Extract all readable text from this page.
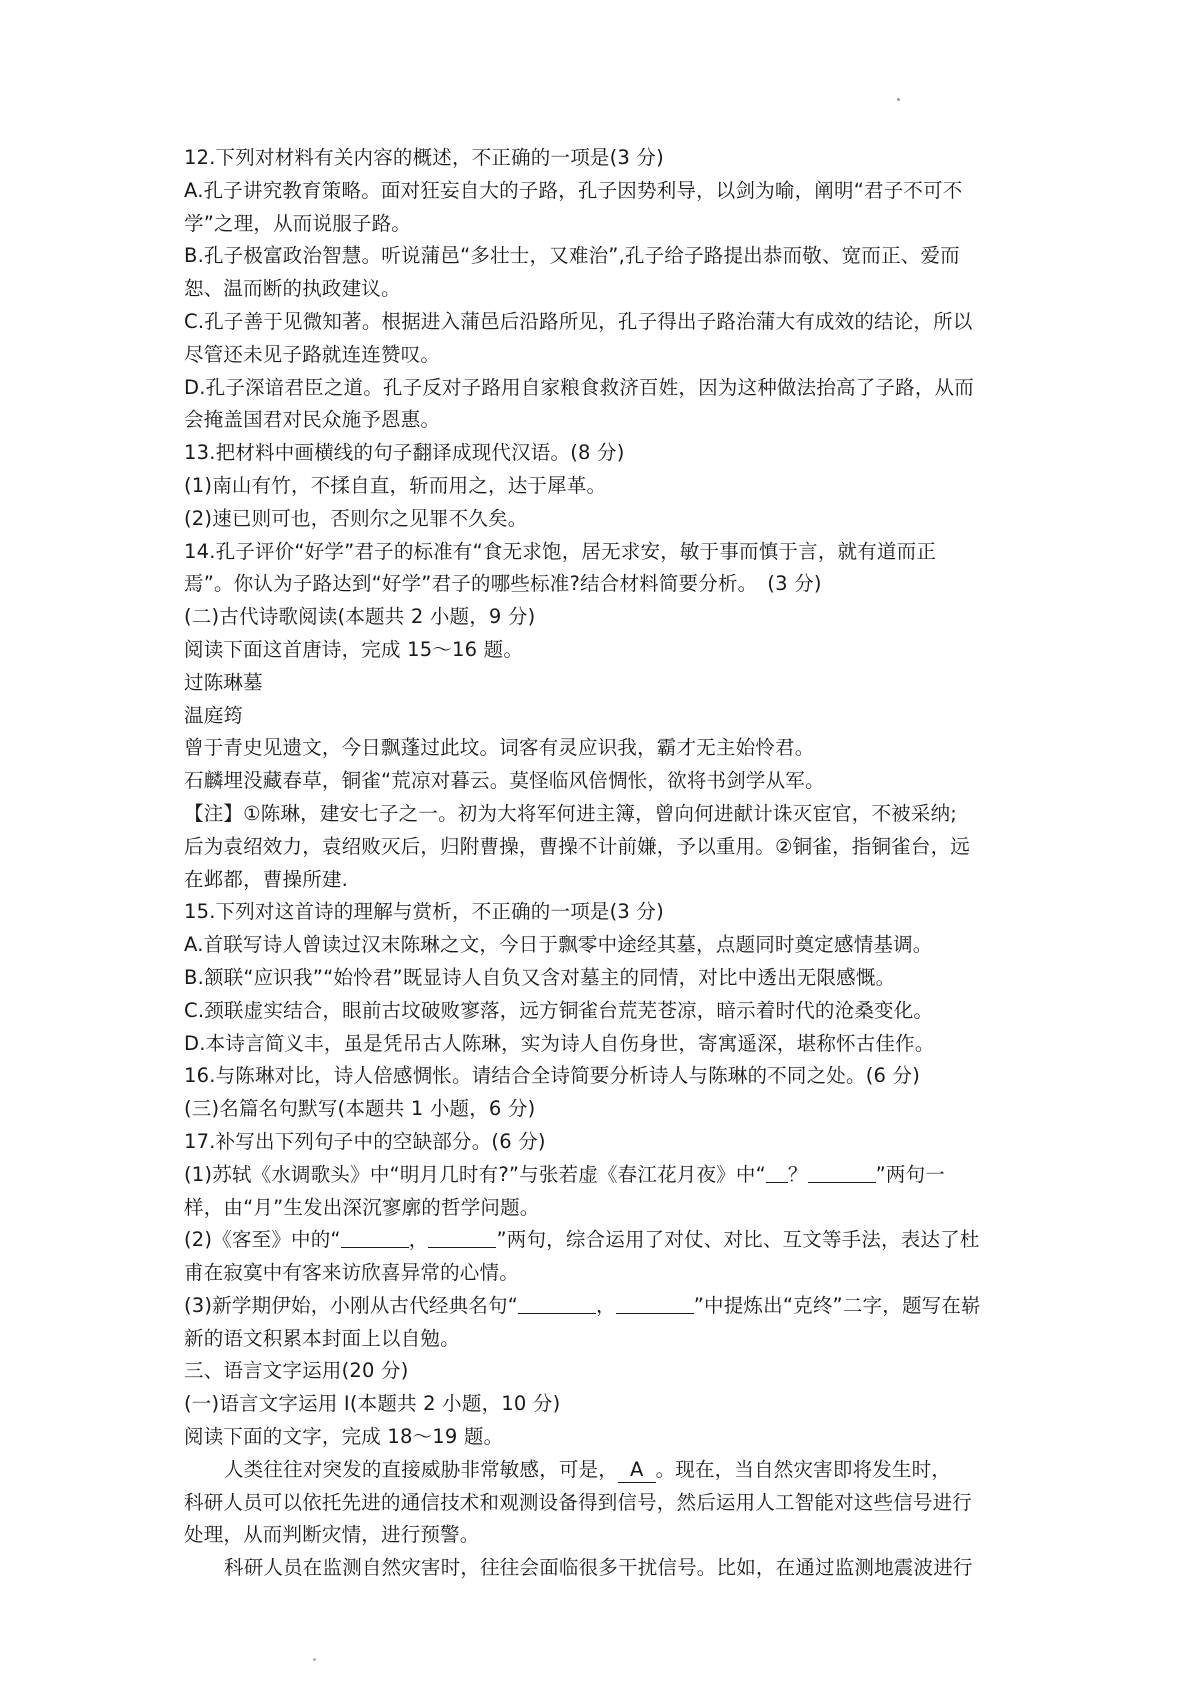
12.下列对材料有关内容的概述，不正确的一项是(3 分)
A.孔子讲究教育策略。面对狂妄自大的子路，孔子因势利导，以剑为喻，阐明“君子不可不
学”之理，从而说服子路。
B.孔子极富政治智慧。听说蒲邑“多壮士，又难治”,孔子给子路提出恭而敬、宽而正、爱而
恕、温而断的执政建议。
C.孔子善于见微知著。根据进入蒲邑后沿路所见，孔子得出子路治蒲大有成效的结论，所以
尽管还未见子路就连连赞叹。
D.孔子深谙君臣之道。孔子反对子路用自家粮食救济百姓，因为这种做法抬高了子路，从而
会掩盖国君对民众施予恩惠。
13.把材料中画横线的句子翻译成现代汉语。(8 分)
(1)南山有竹，不揉自直，斩而用之，达于犀革。
(2)速已则可也，否则尔之见罪不久矣。
14.孔子评价“好学”君子的标准有“食无求饱，居无求安，敏于事而慎于言，就有道而正
焉”。你认为子路达到“好学”君子的哪些标准?结合材料简要分析。　(3 分)
(二)古代诗歌阅读(本题共 2 小题，9 分)
阅读下面这首唐诗，完成 15～16 题。
过陈琳墓
温庭筠
曾于青史见遗文，今日飘蓬过此坟。词客有灵应识我，霸才无主始怜君。
石麟埋没藏春草，铜雀“荒凉对暮云。莫怪临风倍惆怅，欲将书剑学从军。
【注】①陈琳，建安七子之一。初为大将军何进主簿，曾向何进献计诛灭宦官，不被采纳;
后为袁绍效力，袁绍败灭后，归附曹操，曹操不计前嫌，予以重用。②铜雀，指铜雀台，远
在邺都，曹操所建.
15.下列对这首诗的理解与赏析，不正确的一项是(3 分)
A.首联写诗人曾读过汉末陈琳之文，今日于飘零中途经其墓，点题同时奠定感情基调。
B.颔联“应识我”“始怜君”既显诗人自负又含对墓主的同情，对比中透出无限感慨。
C.颈联虚实结合，眼前古坟破败寥落，远方铜雀台荒芜苍凉，暗示着时代的沧桑变化。
D.本诗言简义丰，虽是凭吊古人陈琳，实为诗人自伤身世，寄寓遥深，堪称怀古佳作。
16.与陈琳对比，诗人倍感惆怅。请结合全诗简要分析诗人与陈琳的不同之处。(6 分)
(三)名篇名句默写(本题共 1 小题，6 分)
17.补写出下列句子中的空缺部分。(6 分)
(1)苏轼《水调歌头》中“明月几时有?”与张若虚《春江花月夜》中“ ？	”两句一
样，由“月”生发出深沉寥廓的哲学问题。
(2)《客至》中的“	，	”两句，综合运用了对仗、对比、互文等手法，表达了杜
甫在寂寞中有客来访欣喜异常的心情。
(3)新学期伊始，小刚从古代经典名句“	，	”中提炼出“克终”二字，题写在崭
新的语文积累本封面上以自勉。
三、语言文字运用(20 分)
(一)语言文字运用 I(本题共 2 小题，10 分)
阅读下面的文字，完成 18～19 题。
人类往往对突发的直接威胁非常敏感，可是， A 。现在，当自然灾害即将发生时，
科研人员可以依托先进的通信技术和观测设备得到信号，然后运用人工智能对这些信号进行
处理，从而判断灾情，进行预警。
科研人员在监测自然灾害时，往往会面临很多干扰信号。比如，在通过监测地震波进行
